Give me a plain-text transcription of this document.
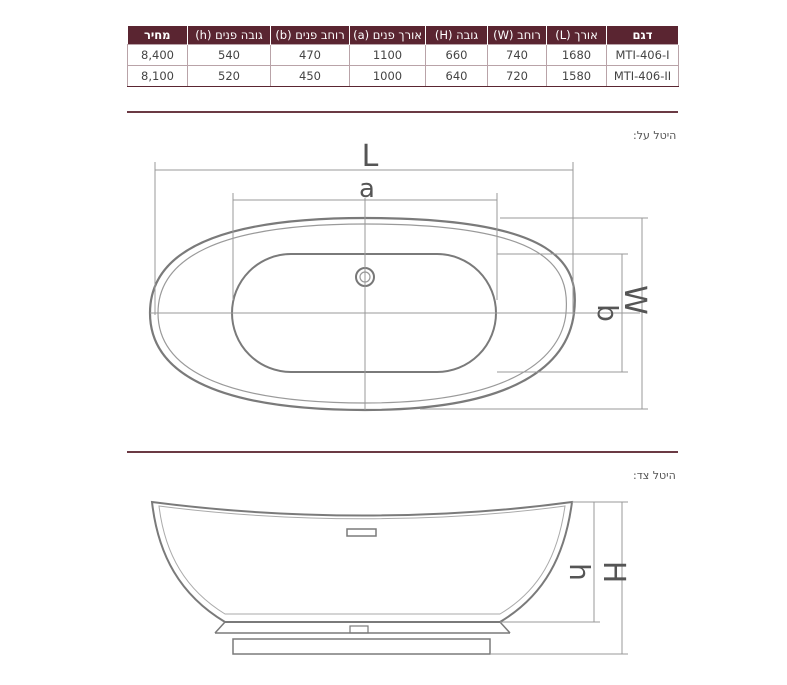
מחיר	(h) גובה פנים	(b) רוחב פנים	(a) אורך פנים	(H) גובה	(W) רוחב	(L) אורך	דגם
8,400	540	470	1100	660	740	1680	MTI-406-I
8,100	520	450	1000	640	720	1580	MTI-406-II
היטל על:
היטל צד:
L
a
W
b
h H
